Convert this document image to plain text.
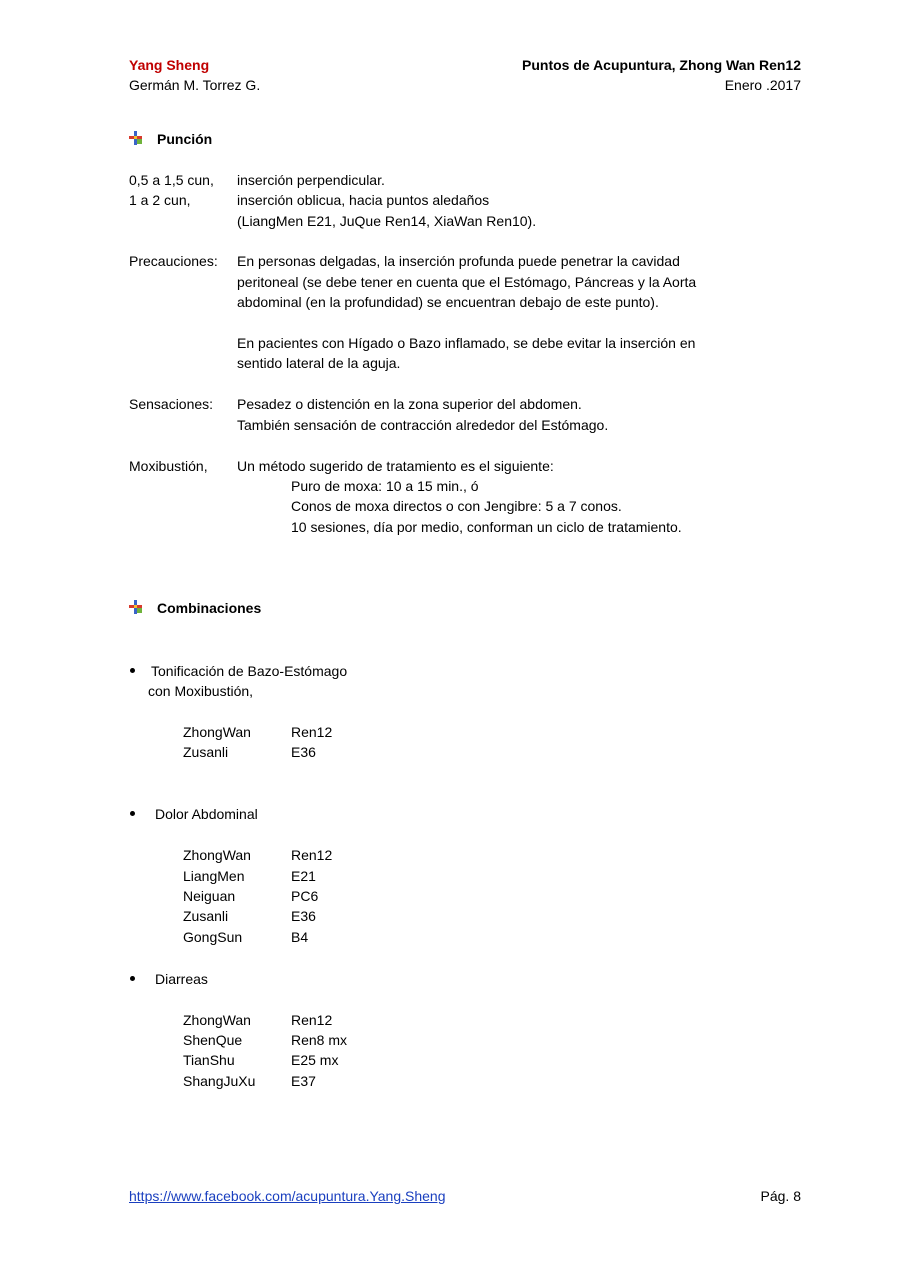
Yang Sheng
Germán M. Torrez G.
Puntos de Acupuntura, Zhong Wan Ren12
Enero .2017
Punción
0,5 a 1,5 cun, inserción perpendicular.
1 a 2 cun,	inserción oblicua, hacia puntos aledaños
(LiangMen E21, JuQue Ren14, XiaWan Ren10).
Precauciones: En personas delgadas, la inserción profunda puede penetrar la cavidad
peritoneal (se debe tener en cuenta que el Estómago, Páncreas y la Aorta
abdominal (en la profundidad) se encuentran debajo de este punto).
En pacientes con Hígado o Bazo inflamado, se debe evitar la inserción en
sentido lateral de la aguja.
Sensaciones: Pesadez o distención en la zona superior del abdomen.
También sensación de contracción alrededor del Estómago.
Moxibustión, Un método sugerido de tratamiento es el siguiente:
Puro de moxa: 10 a 15 min., ó
Conos de moxa directos o con Jengibre: 5 a 7 conos.
10 sesiones, día por medio, conforman un ciclo de tratamiento.
Combinaciones
Tonificación de Bazo-Estómago
con Moxibustión,
ZhongWan	Ren12
Zusanli	E36
Dolor Abdominal
ZhongWan	Ren12
LiangMen	E21
Neiguan	PC6
Zusanli	E36
GongSun	B4
Diarreas
ZhongWan	Ren12
ShenQue	Ren8 mx
TianShu	E25 mx
ShangJuXu	E37
https://www.facebook.com/acupuntura.Yang.Sheng	Pág. 8
